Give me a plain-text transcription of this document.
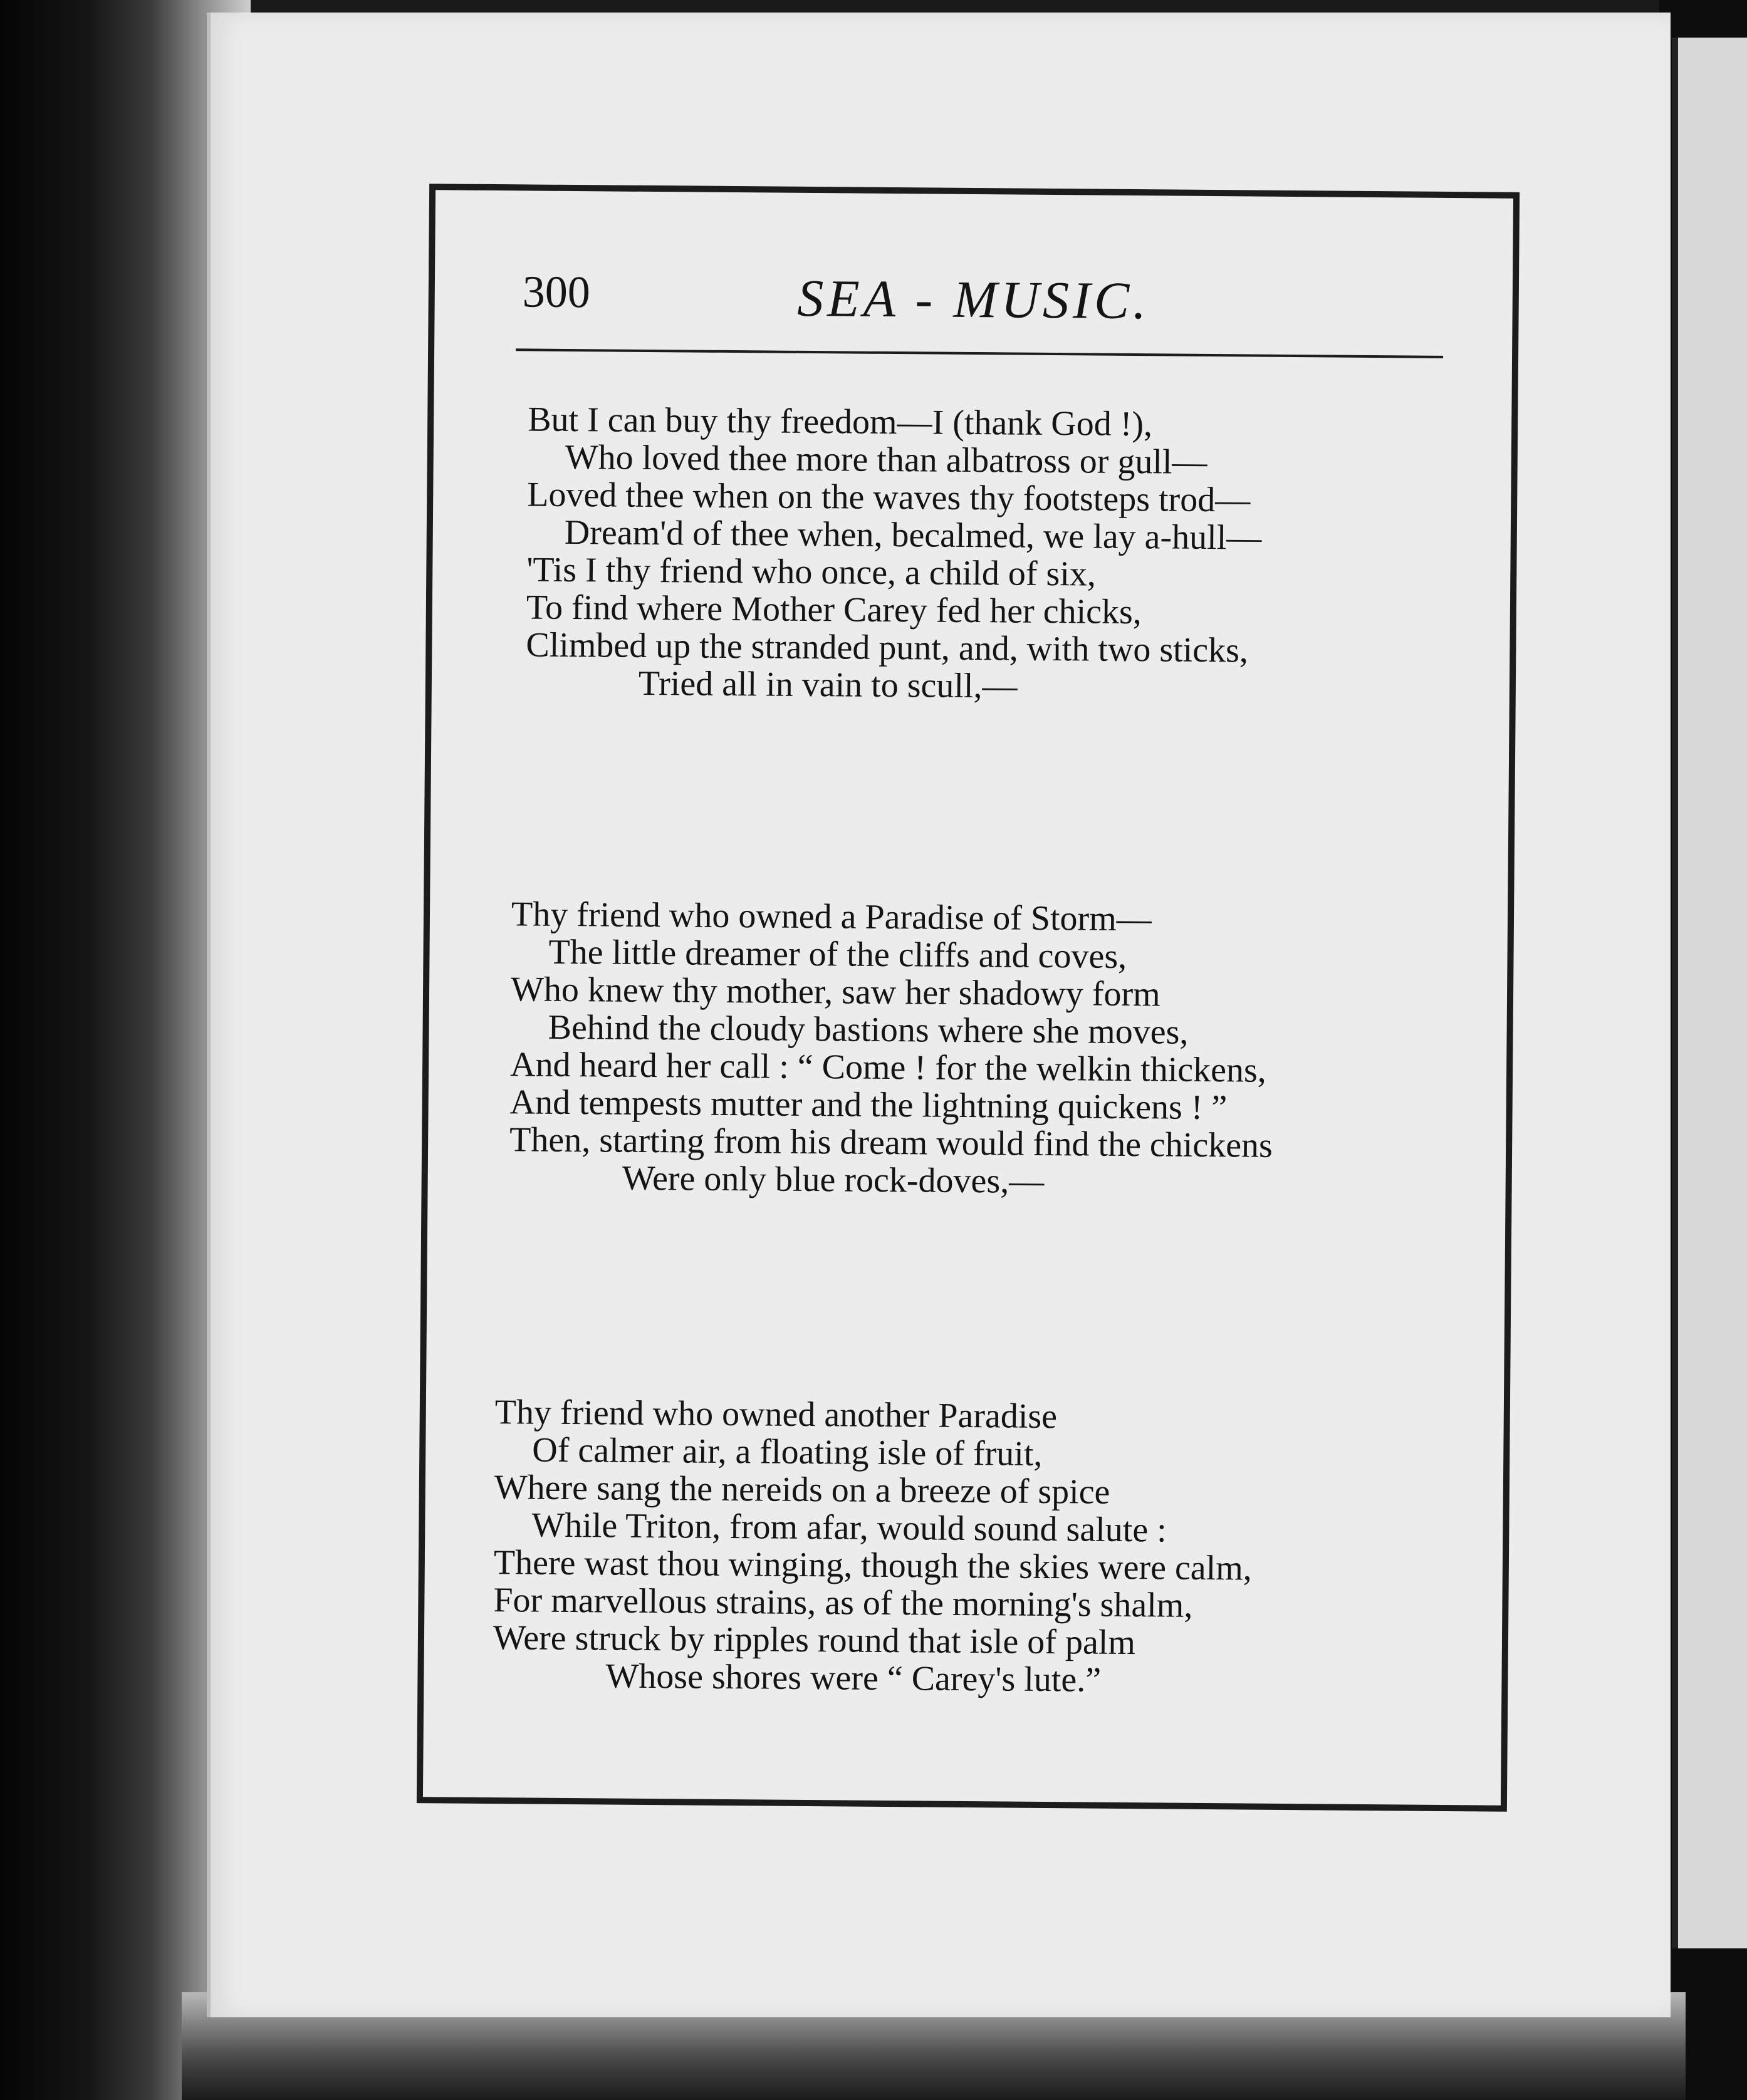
300	SEA - MUSIC.
But I can buy thy freedom—I (thank God !),
Who loved thee more than albatross or gull—
Loved thee when on the waves thy footsteps trod—
Dream'd of thee when, becalmed, we lay a-hull—
'Tis I thy friend who once, a child of six,
To find where Mother Carey fed her chicks,
Climbed up the stranded punt, and, with two sticks,
Tried all in vain to scull,—
Thy friend who owned a Paradise of Storm—
The little dreamer of the cliffs and coves,
Who knew thy mother, saw her shadowy form
Behind the cloudy bastions where she moves,
And heard her call : “ Come ! for the welkin thickens,
And tempests mutter and the lightning quickens ! ”
Then, starting from his dream would find the chickens
Were only blue rock-doves,—
Thy friend who owned another Paradise
Of calmer air, a floating isle of fruit,
Where sang the nereids on a breeze of spice
While Triton, from afar, would sound salute :
There wast thou winging, though the skies were calm,
For marvellous strains, as of the morning's shalm,
Were struck by ripples round that isle of palm
Whose shores were “ Carey's lute.”
